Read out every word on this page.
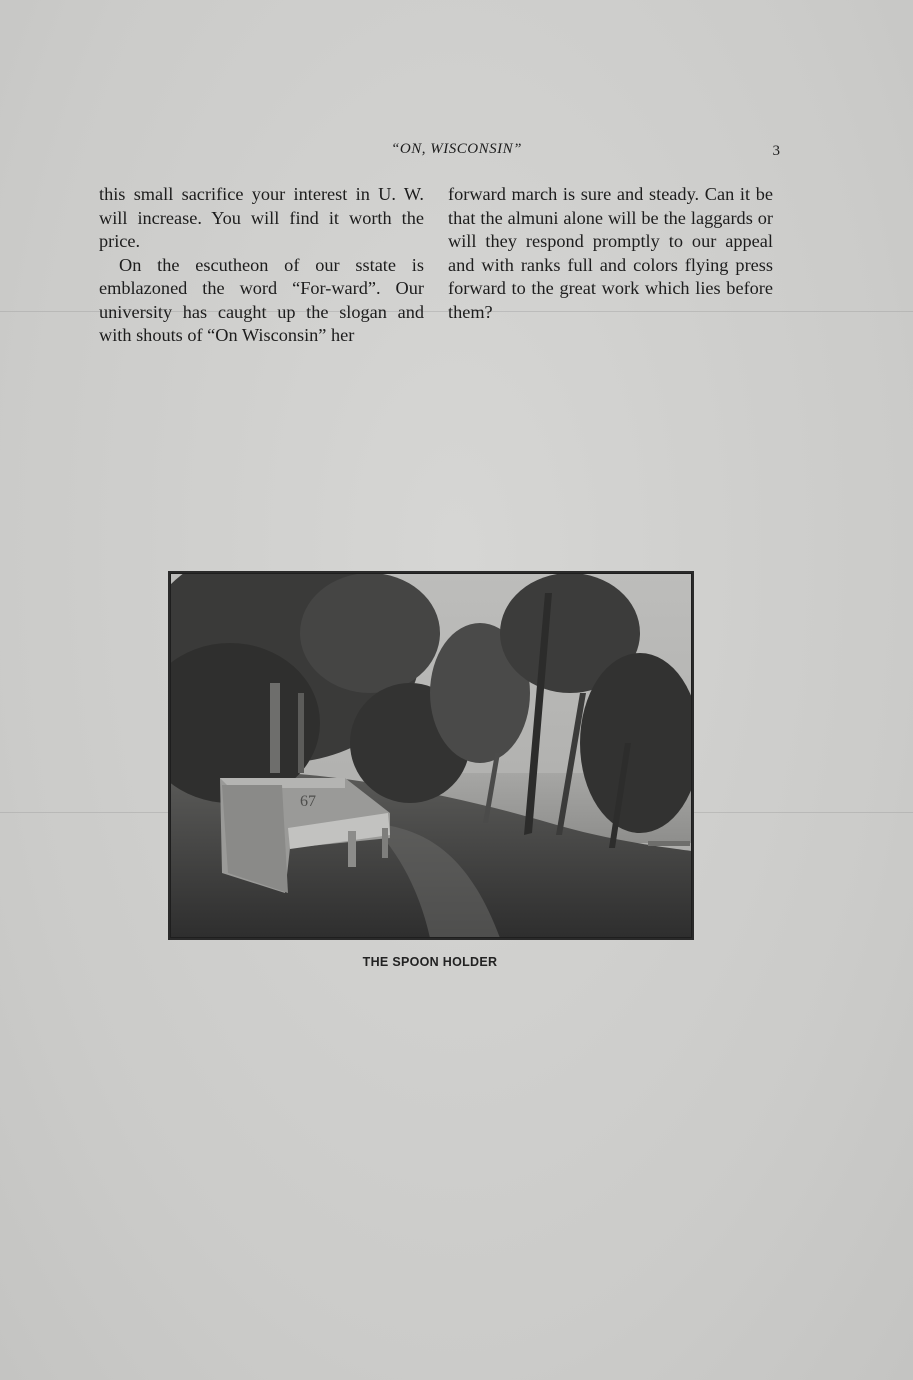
“ON, WISCONSIN”	3

this small sacrifice your interest in U. W. will increase. You will find it worth the price.

On the escutheon of our sstate is emblazoned the word “For-ward”. Our university has caught up the slogan and with shouts of “On Wisconsin” her

forward march is sure and steady. Can it be that the almuni alone will be the laggards or will they respond promptly to our appeal and with ranks full and colors flying press forward to the great work which lies before them?

67
THE SPOON HOLDER
